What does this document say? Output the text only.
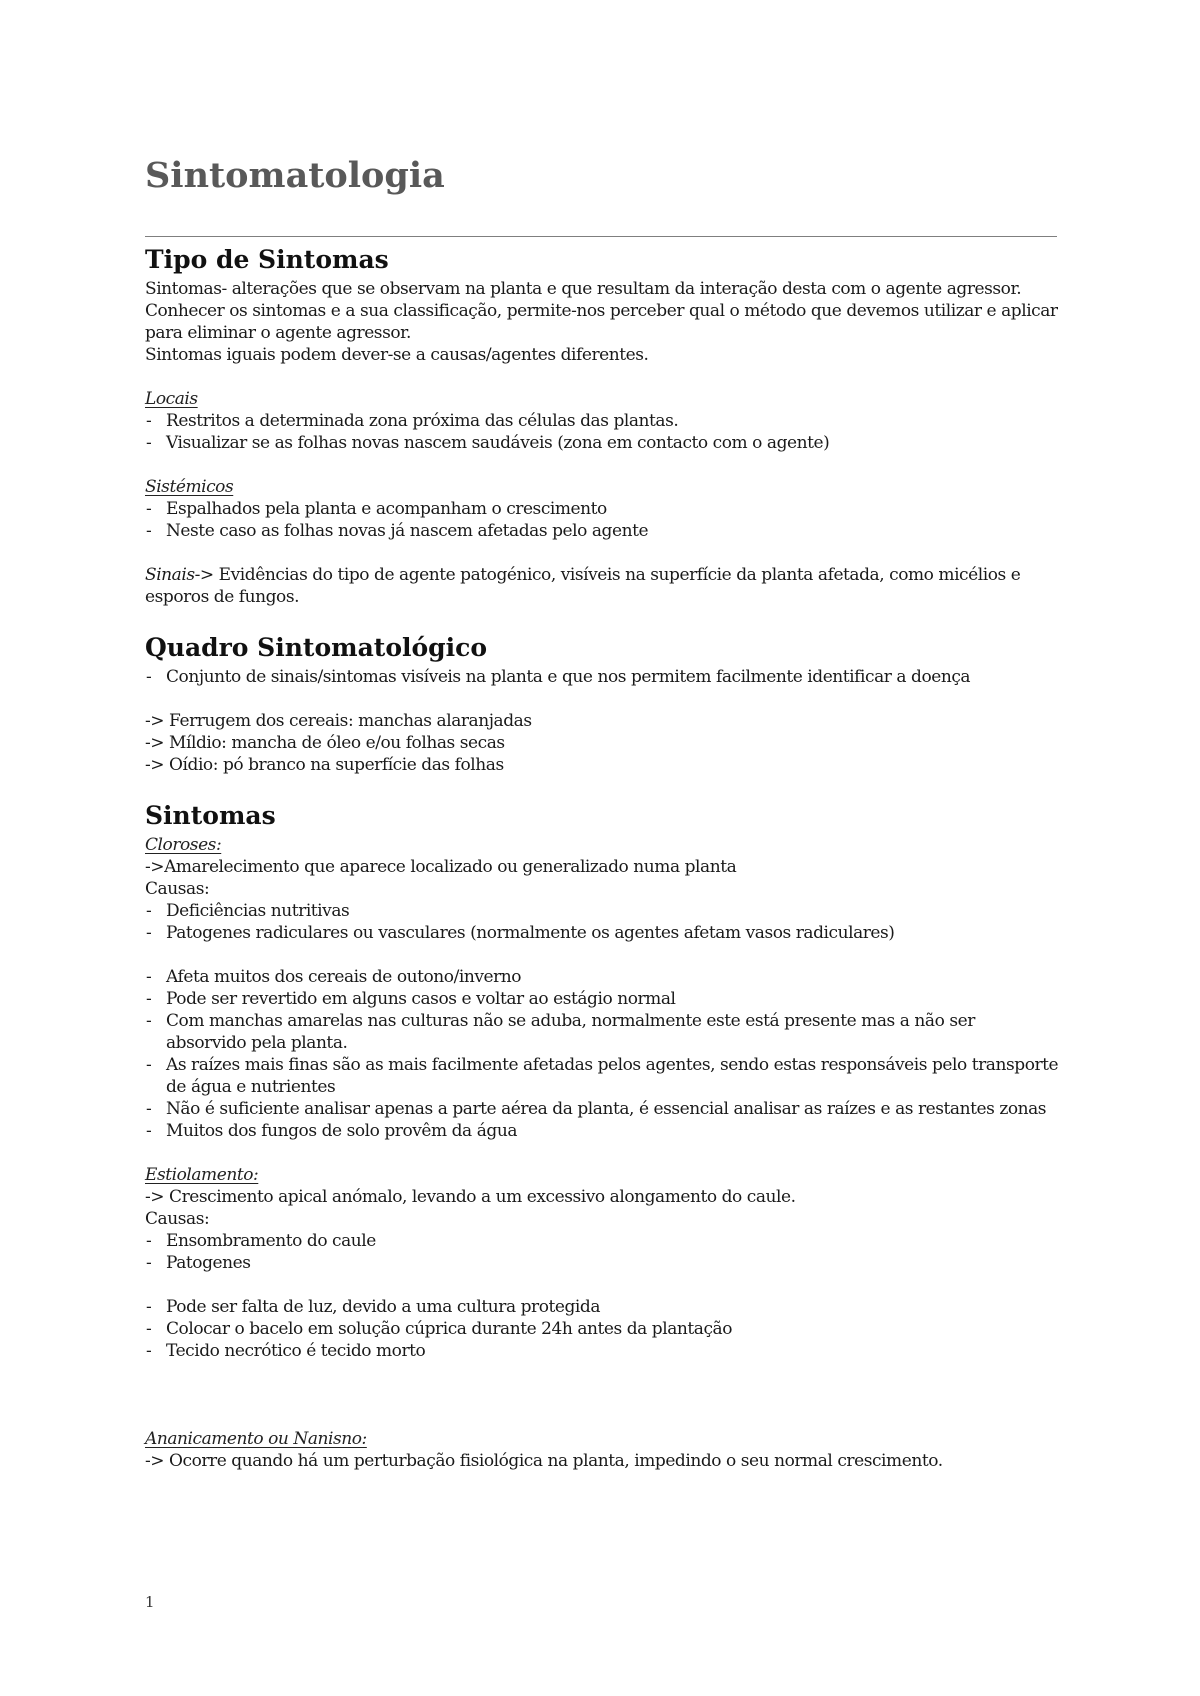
Sintomatologia
Tipo de Sintomas

Sintomas- alterações que se observam na planta e que resultam da interação desta com o agente agressor.

Conhecer os sintomas e a sua classificação, permite-nos perceber qual o método que devemos utilizar e aplicar para eliminar o agente agressor.

Sintomas iguais podem dever-se a causas/agentes diferentes.

Locais

- Restritos a determinada zona próxima das células das plantas.
- Visualizar se as folhas novas nascem saudáveis (zona em contacto com o agente)

Sistémicos

- Espalhados pela planta e acompanham o crescimento
- Neste caso as folhas novas já nascem afetadas pelo agente

Sinais-> Evidências do tipo de agente patogénico, visíveis na superfície da planta afetada, como micélios e esporos de fungos.

Quadro Sintomatológico
- Conjunto de sinais/sintomas visíveis na planta e que nos permitem facilmente identificar a doença

-> Ferrugem dos cereais: manchas alaranjadas

-> Míldio: mancha de óleo e/ou folhas secas

-> Oídio: pó branco na superfície das folhas

Sintomas

Cloroses:

->Amarelecimento que aparece localizado ou generalizado numa planta

Causas:

- Deficiências nutritivas
- Patogenes radiculares ou vasculares (normalmente os agentes afetam vasos radiculares)
- Afeta muitos dos cereais de outono/inverno
- Pode ser revertido em alguns casos e voltar ao estágio normal
- Com manchas amarelas nas culturas não se aduba, normalmente este está presente mas a não ser absorvido pela planta.
- As raízes mais finas são as mais facilmente afetadas pelos agentes, sendo estas responsáveis pelo transporte de água e nutrientes
- Não é suficiente analisar apenas a parte aérea da planta, é essencial analisar as raízes e as restantes zonas
- Muitos dos fungos de solo provêm da água

Estiolamento:

-> Crescimento apical anómalo, levando a um excessivo alongamento do caule.

Causas:

- Ensombramento do caule
- Patogenes
- Pode ser falta de luz, devido a uma cultura protegida
- Colocar o bacelo em solução cúprica durante 24h antes da plantação
- Tecido necrótico é tecido morto

Ananicamento ou Nanisno:

-> Ocorre quando há um perturbação fisiológica na planta, impedindo o seu normal crescimento.

1
